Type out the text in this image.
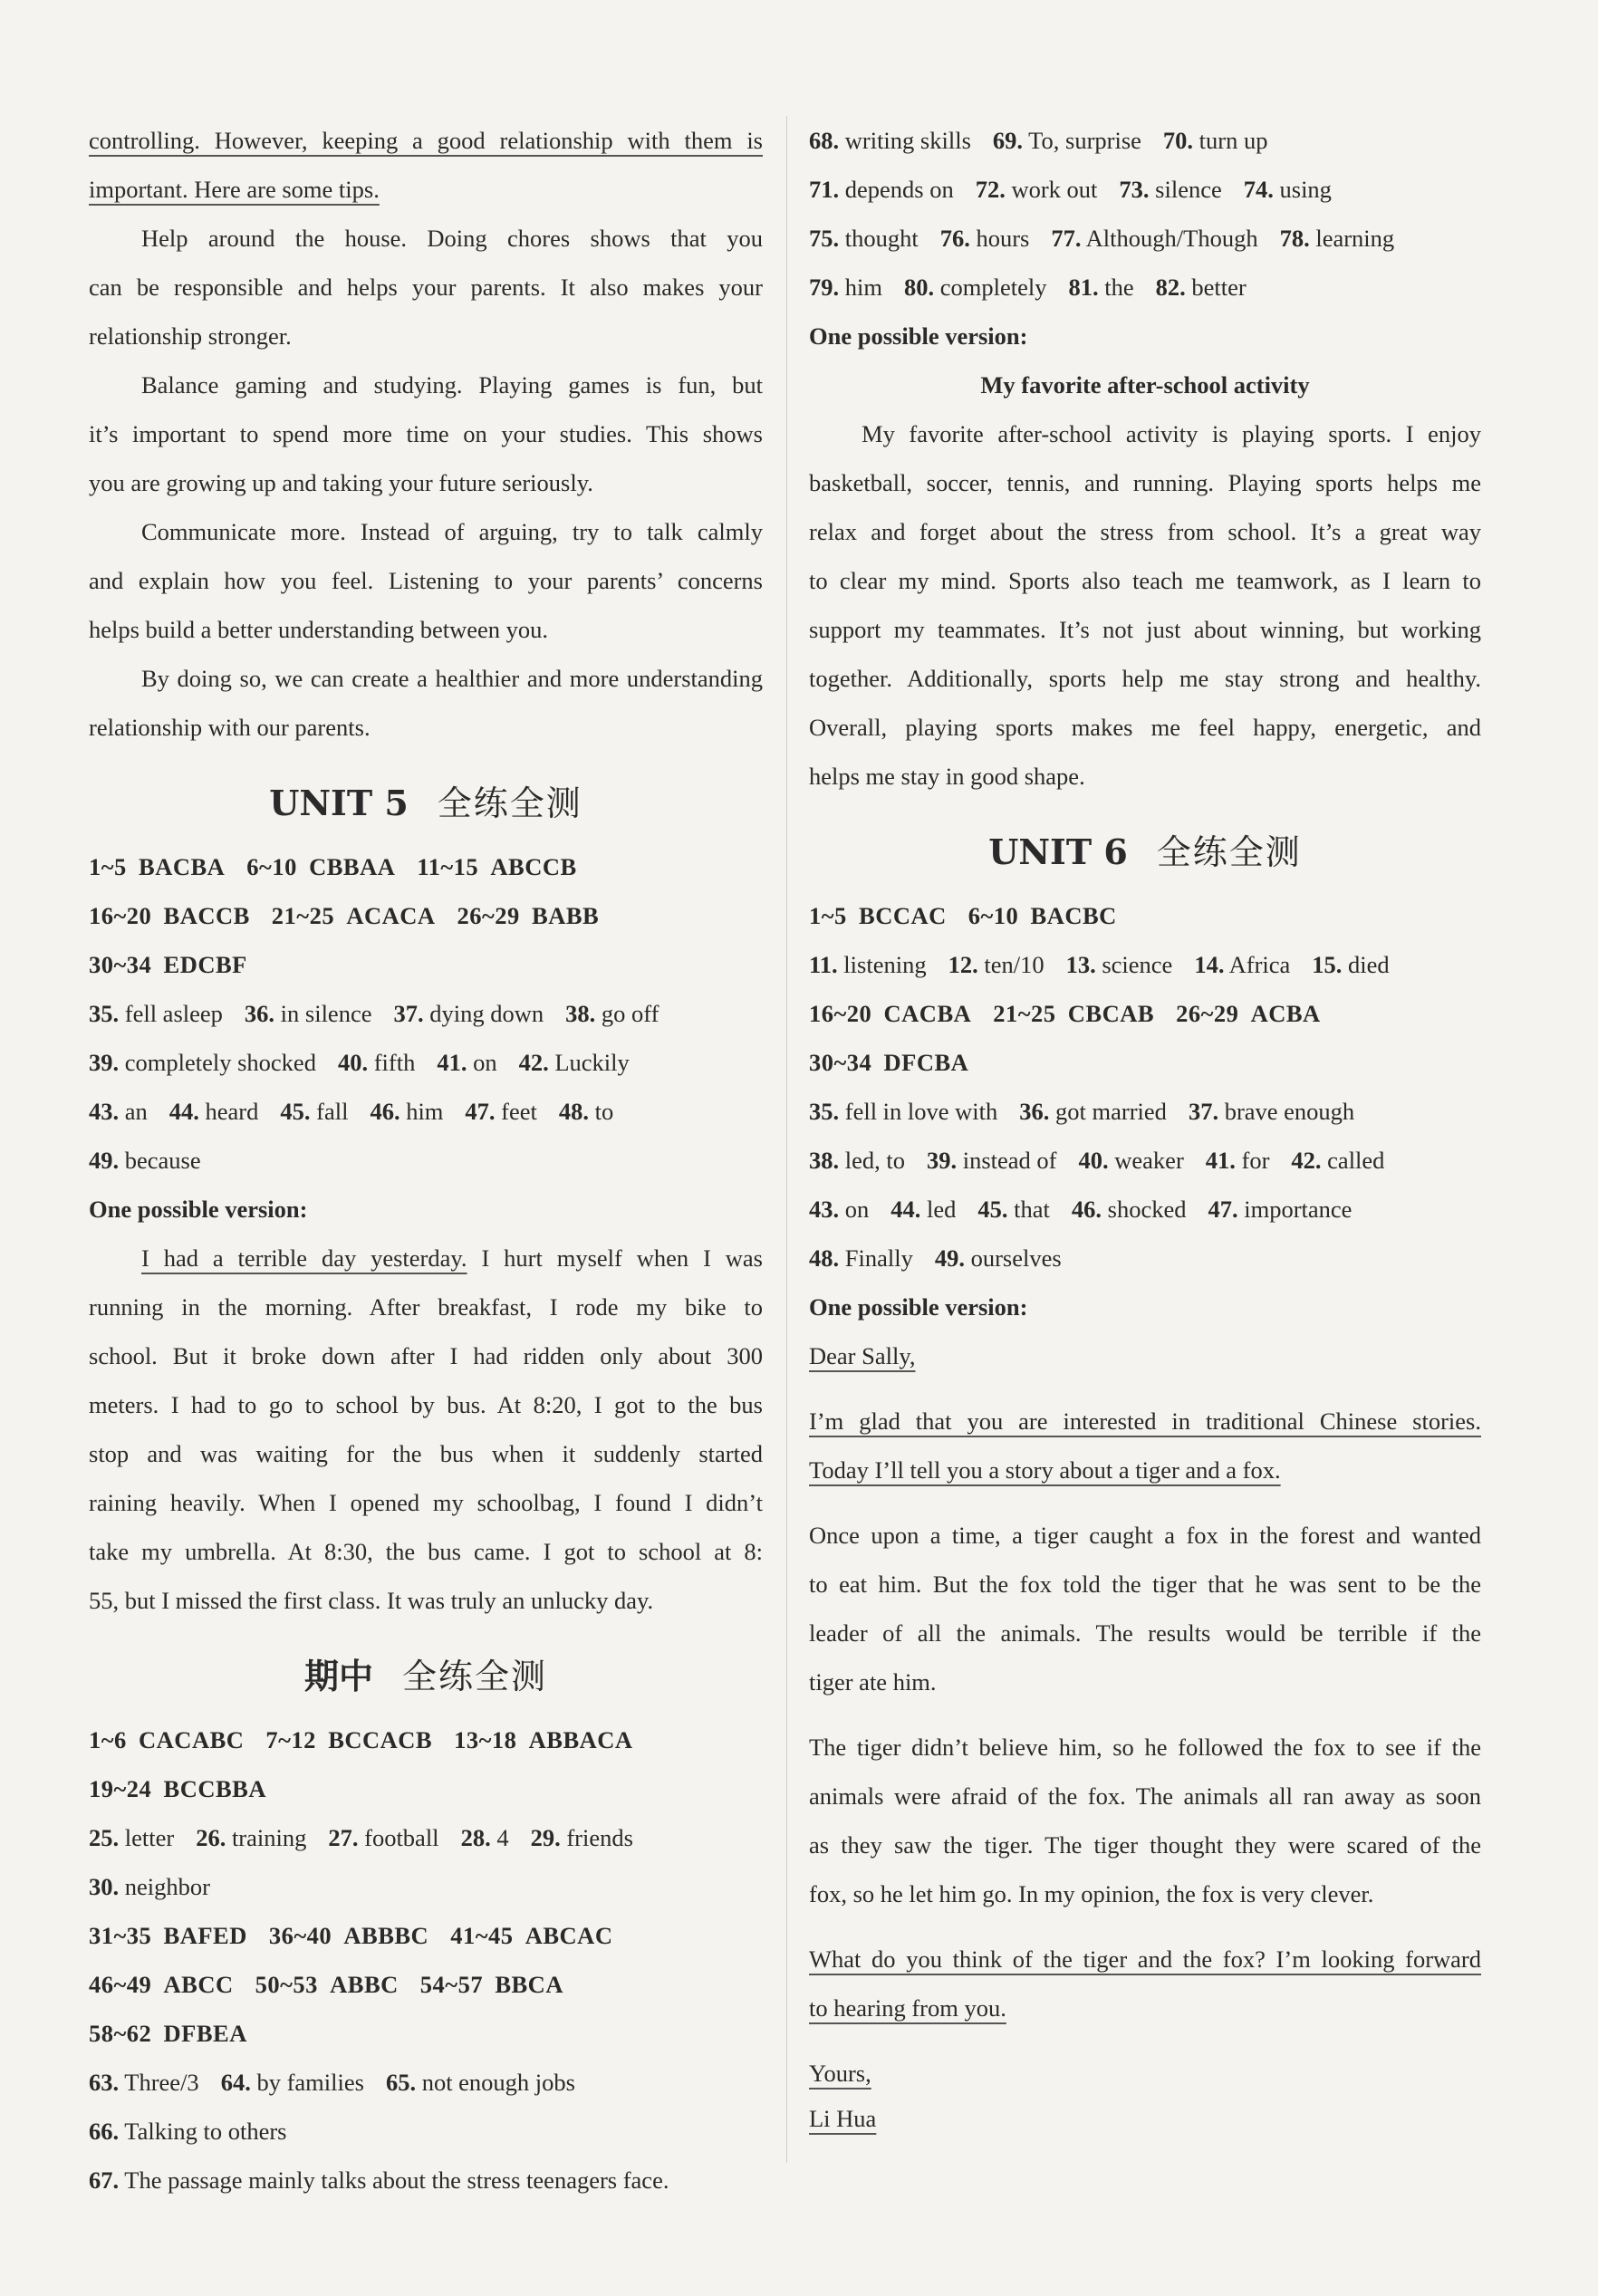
controlling. However, keeping a good relationship with them is
important. Here are some tips.
Help around the house. Doing chores shows that you
can be responsible and helps your parents. It also makes your
relationship stronger.
Balance gaming and studying. Playing games is fun, but
it’s important to spend more time on your studies. This shows
you are growing up and taking your future seriously.
Communicate more. Instead of arguing, try to talk calmly
and explain how you feel. Listening to your parents’ concerns
helps build a better understanding between you.
By doing so, we can create a healthier and more understanding
relationship with our parents.
UNIT 5 全练全测
1~5  BACBA 6~10  CBBAA 11~15  ABCCB
16~20  BACCB 21~25  ACACA 26~29  BABB
30~34  EDCBF
35. fell asleep 36. in silence 37. dying down 38. go off
39. completely shocked 40. fifth 41. on 42. Luckily
43. an 44. heard 45. fall 46. him 47. feet 48. to
49. because
One possible version:
I had a terrible day yesterday. I hurt myself when I was
running in the morning. After breakfast, I rode my bike to
school. But it broke down after I had ridden only about 300
meters. I had to go to school by bus. At 8:20, I got to the bus
stop and was waiting for the bus when it suddenly started
raining heavily. When I opened my schoolbag, I found I didn’t
take my umbrella. At 8:30, the bus came. I got to school at 8:
55, but I missed the first class. It was truly an unlucky day.
期中 全练全测
1~6  CACABC 7~12  BCCACB 13~18  ABBACA
19~24  BCCBBA
25. letter 26. training 27. football 28. 4 29. friends
30. neighbor
31~35  BAFED 36~40  ABBBC 41~45  ABCAC
46~49  ABCC 50~53  ABBC 54~57  BBCA
58~62  DFBEA
63. Three/3 64. by families 65. not enough jobs
66. Talking to others
67. The passage mainly talks about the stress teenagers face.
68. writing skills 69. To, surprise 70. turn up
71. depends on 72. work out 73. silence 74. using
75. thought 76. hours 77. Although/Though 78. learning
79. him 80. completely 81. the 82. better
One possible version:
My favorite after-school activity
My favorite after-school activity is playing sports. I enjoy
basketball, soccer, tennis, and running. Playing sports helps me
relax and forget about the stress from school. It’s a great way
to clear my mind. Sports also teach me teamwork, as I learn to
support my teammates. It’s not just about winning, but working
together. Additionally, sports help me stay strong and healthy.
Overall, playing sports makes me feel happy, energetic, and
helps me stay in good shape.
UNIT 6 全练全测
1~5  BCCAC 6~10  BACBC
11. listening 12. ten/10 13. science 14. Africa 15. died
16~20  CACBA 21~25  CBCAB 26~29  ACBA
30~34  DFCBA
35. fell in love with 36. got married 37. brave enough
38. led, to 39. instead of 40. weaker 41. for 42. called
43. on 44. led 45. that 46. shocked 47. importance
48. Finally 49. ourselves
One possible version:
Dear Sally,
I’m glad that you are interested in traditional Chinese stories.
Today I’ll tell you a story about a tiger and a fox.
Once upon a time, a tiger caught a fox in the forest and wanted
to eat him. But the fox told the tiger that he was sent to be the
leader of all the animals. The results would be terrible if the
tiger ate him.
The tiger didn’t believe him, so he followed the fox to see if the
animals were afraid of the fox. The animals all ran away as soon
as they saw the tiger. The tiger thought they were scared of the
fox, so he let him go. In my opinion, the fox is very clever.
What do you think of the tiger and the fox? I’m looking forward
to hearing from you.
Yours,
Li Hua
